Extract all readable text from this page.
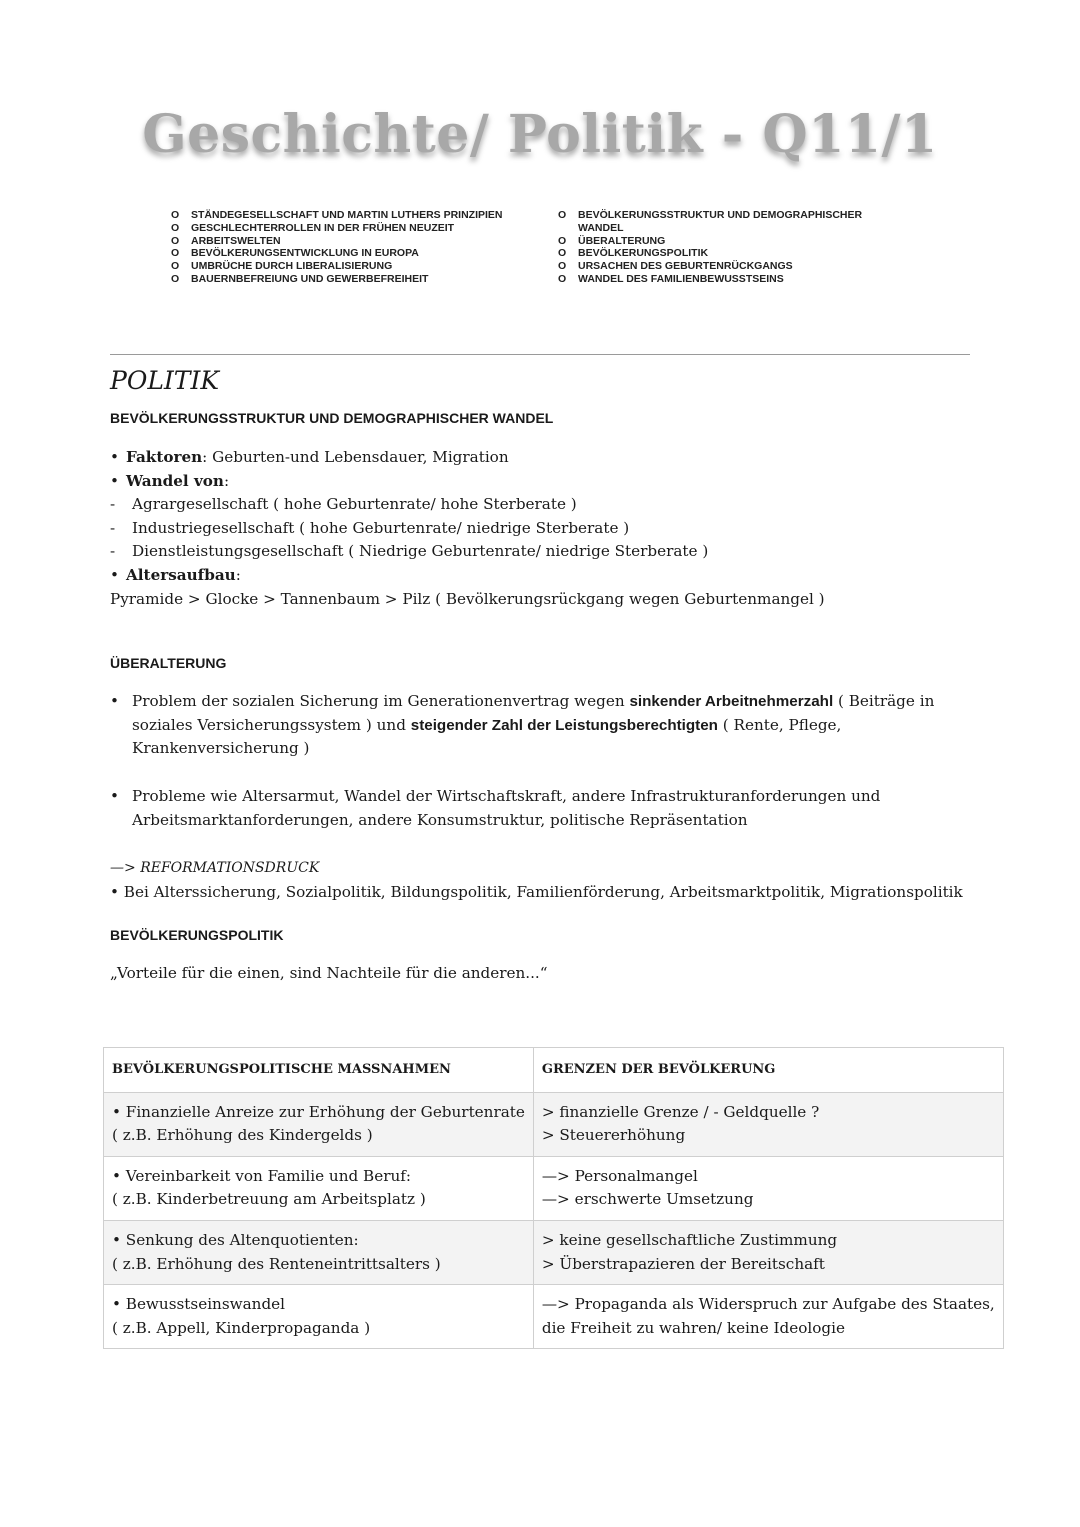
Geschichte/ Politik - Q11/1
O STÄNDEGESELLSCHAFT UND MARTIN LUTHERS PRINZIPIEN
O GESCHLECHTERROLLEN IN DER FRÜHEN NEUZEIT
O ARBEITSWELTEN
O BEVÖLKERUNGSENTWICKLUNG IN EUROPA
O UMBRÜCHE DURCH LIBERALISIERUNG
O BAUERNBEFREIUNG UND GEWERBEFREIHEIT
O BEVÖLKERUNGSSTRUKTUR UND DEMOGRAPHISCHER WANDEL
O ÜBERALTERUNG
O BEVÖLKERUNGSPOLITIK
O URSACHEN DES GEBURTENRÜCKGANGS
O WANDEL DES FAMILIENBEWUSSTSEINS
POLITIK
BEVÖLKERUNGSSTRUKTUR UND DEMOGRAPHISCHER WANDEL
• Faktoren: Geburten-und Lebensdauer, Migration
• Wandel von:
- Agrargesellschaft ( hohe Geburtenrate/ hohe Sterberate )
- Industriegesellschaft ( hohe Geburtenrate/ niedrige Sterberate )
- Dienstleistungsgesellschaft ( Niedrige Geburtenrate/ niedrige Sterberate )
• Altersaufbau:
Pyramide > Glocke > Tannenbaum > Pilz ( Bevölkerungsrückgang wegen Geburtenmangel )
ÜBERALTERUNG
• Problem der sozialen Sicherung im Generationenvertrag wegen sinkender Arbeitnehmerzahl ( Beiträge in soziales Versicherungssystem ) und steigender Zahl der Leistungsberechtigten ( Rente, Pflege, Krankenversicherung )
• Probleme wie Altersarmut, Wandel der Wirtschaftskraft, andere Infrastrukturanforderungen und Arbeitsmarktanforderungen, andere Konsumstruktur, politische Repräsentation
—> REFORMATIONSDRUCK
• Bei Alterssicherung, Sozialpolitik, Bildungspolitik, Familienförderung, Arbeitsmarktpolitik, Migrationspolitik
BEVÖLKERUNGSPOLITIK
„Vorteile für die einen, sind Nachteile für die anderen...“
BEVÖLKERUNGSPOLITISCHE MASSNAHMEN	GRENZEN DER BEVÖLKERUNG

• Finanzielle Anreize zur Erhöhung der Geburtenrate
( z.B. Erhöhung des Kindergelds )	> finanzielle Grenze / - Geldquelle ?
> Steuererhöhung

• Vereinbarkeit von Familie und Beruf:
( z.B. Kinderbetreuung am Arbeitsplatz )	—> Personalmangel
—> erschwerte Umsetzung

• Senkung des Altenquotienten:
( z.B. Erhöhung des Renteneintrittsalters )	> keine gesellschaftliche Zustimmung
> Überstrapazieren der Bereitschaft

• Bewusstseinswandel
( z.B. Appell, Kinderpropaganda )	—> Propaganda als Widerspruch zur Aufgabe des Staates,
die Freiheit zu wahren/ keine Ideologie
